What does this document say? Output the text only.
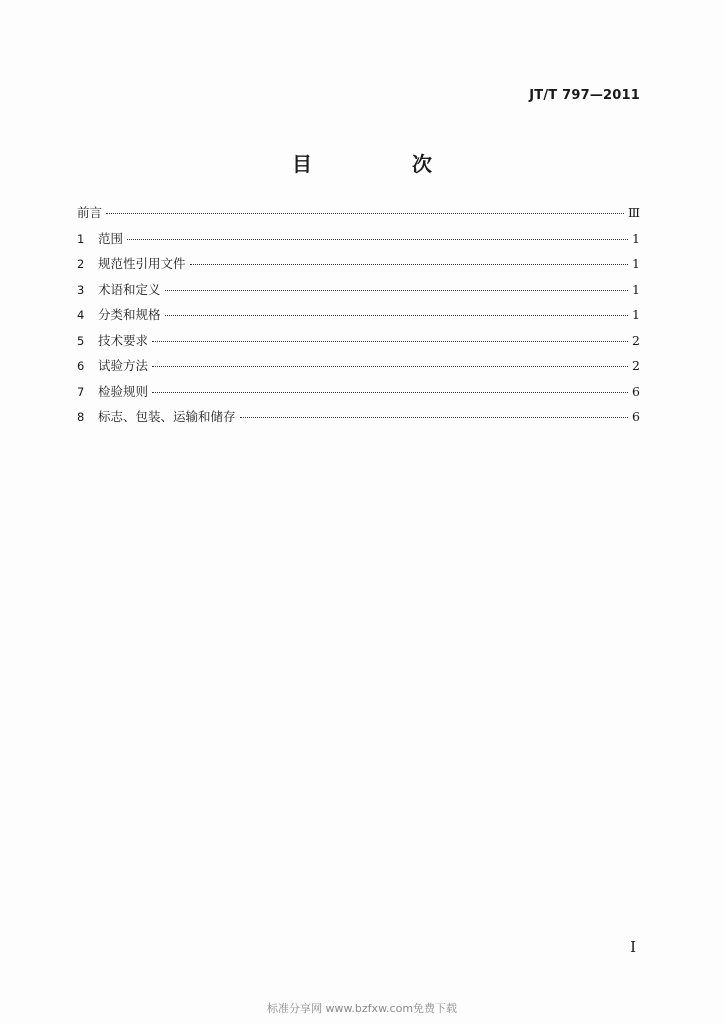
JT/T 797—2011
目　次
前言	Ⅲ
1	范围	1
2	规范性引用文件	1
3	术语和定义	1
4	分类和规格	1
5	技术要求	2
6	试验方法	2
7	检验规则	6
8	标志、包装、运输和储存	6
I
标准分享网 www.bzfxw.com免费下载
